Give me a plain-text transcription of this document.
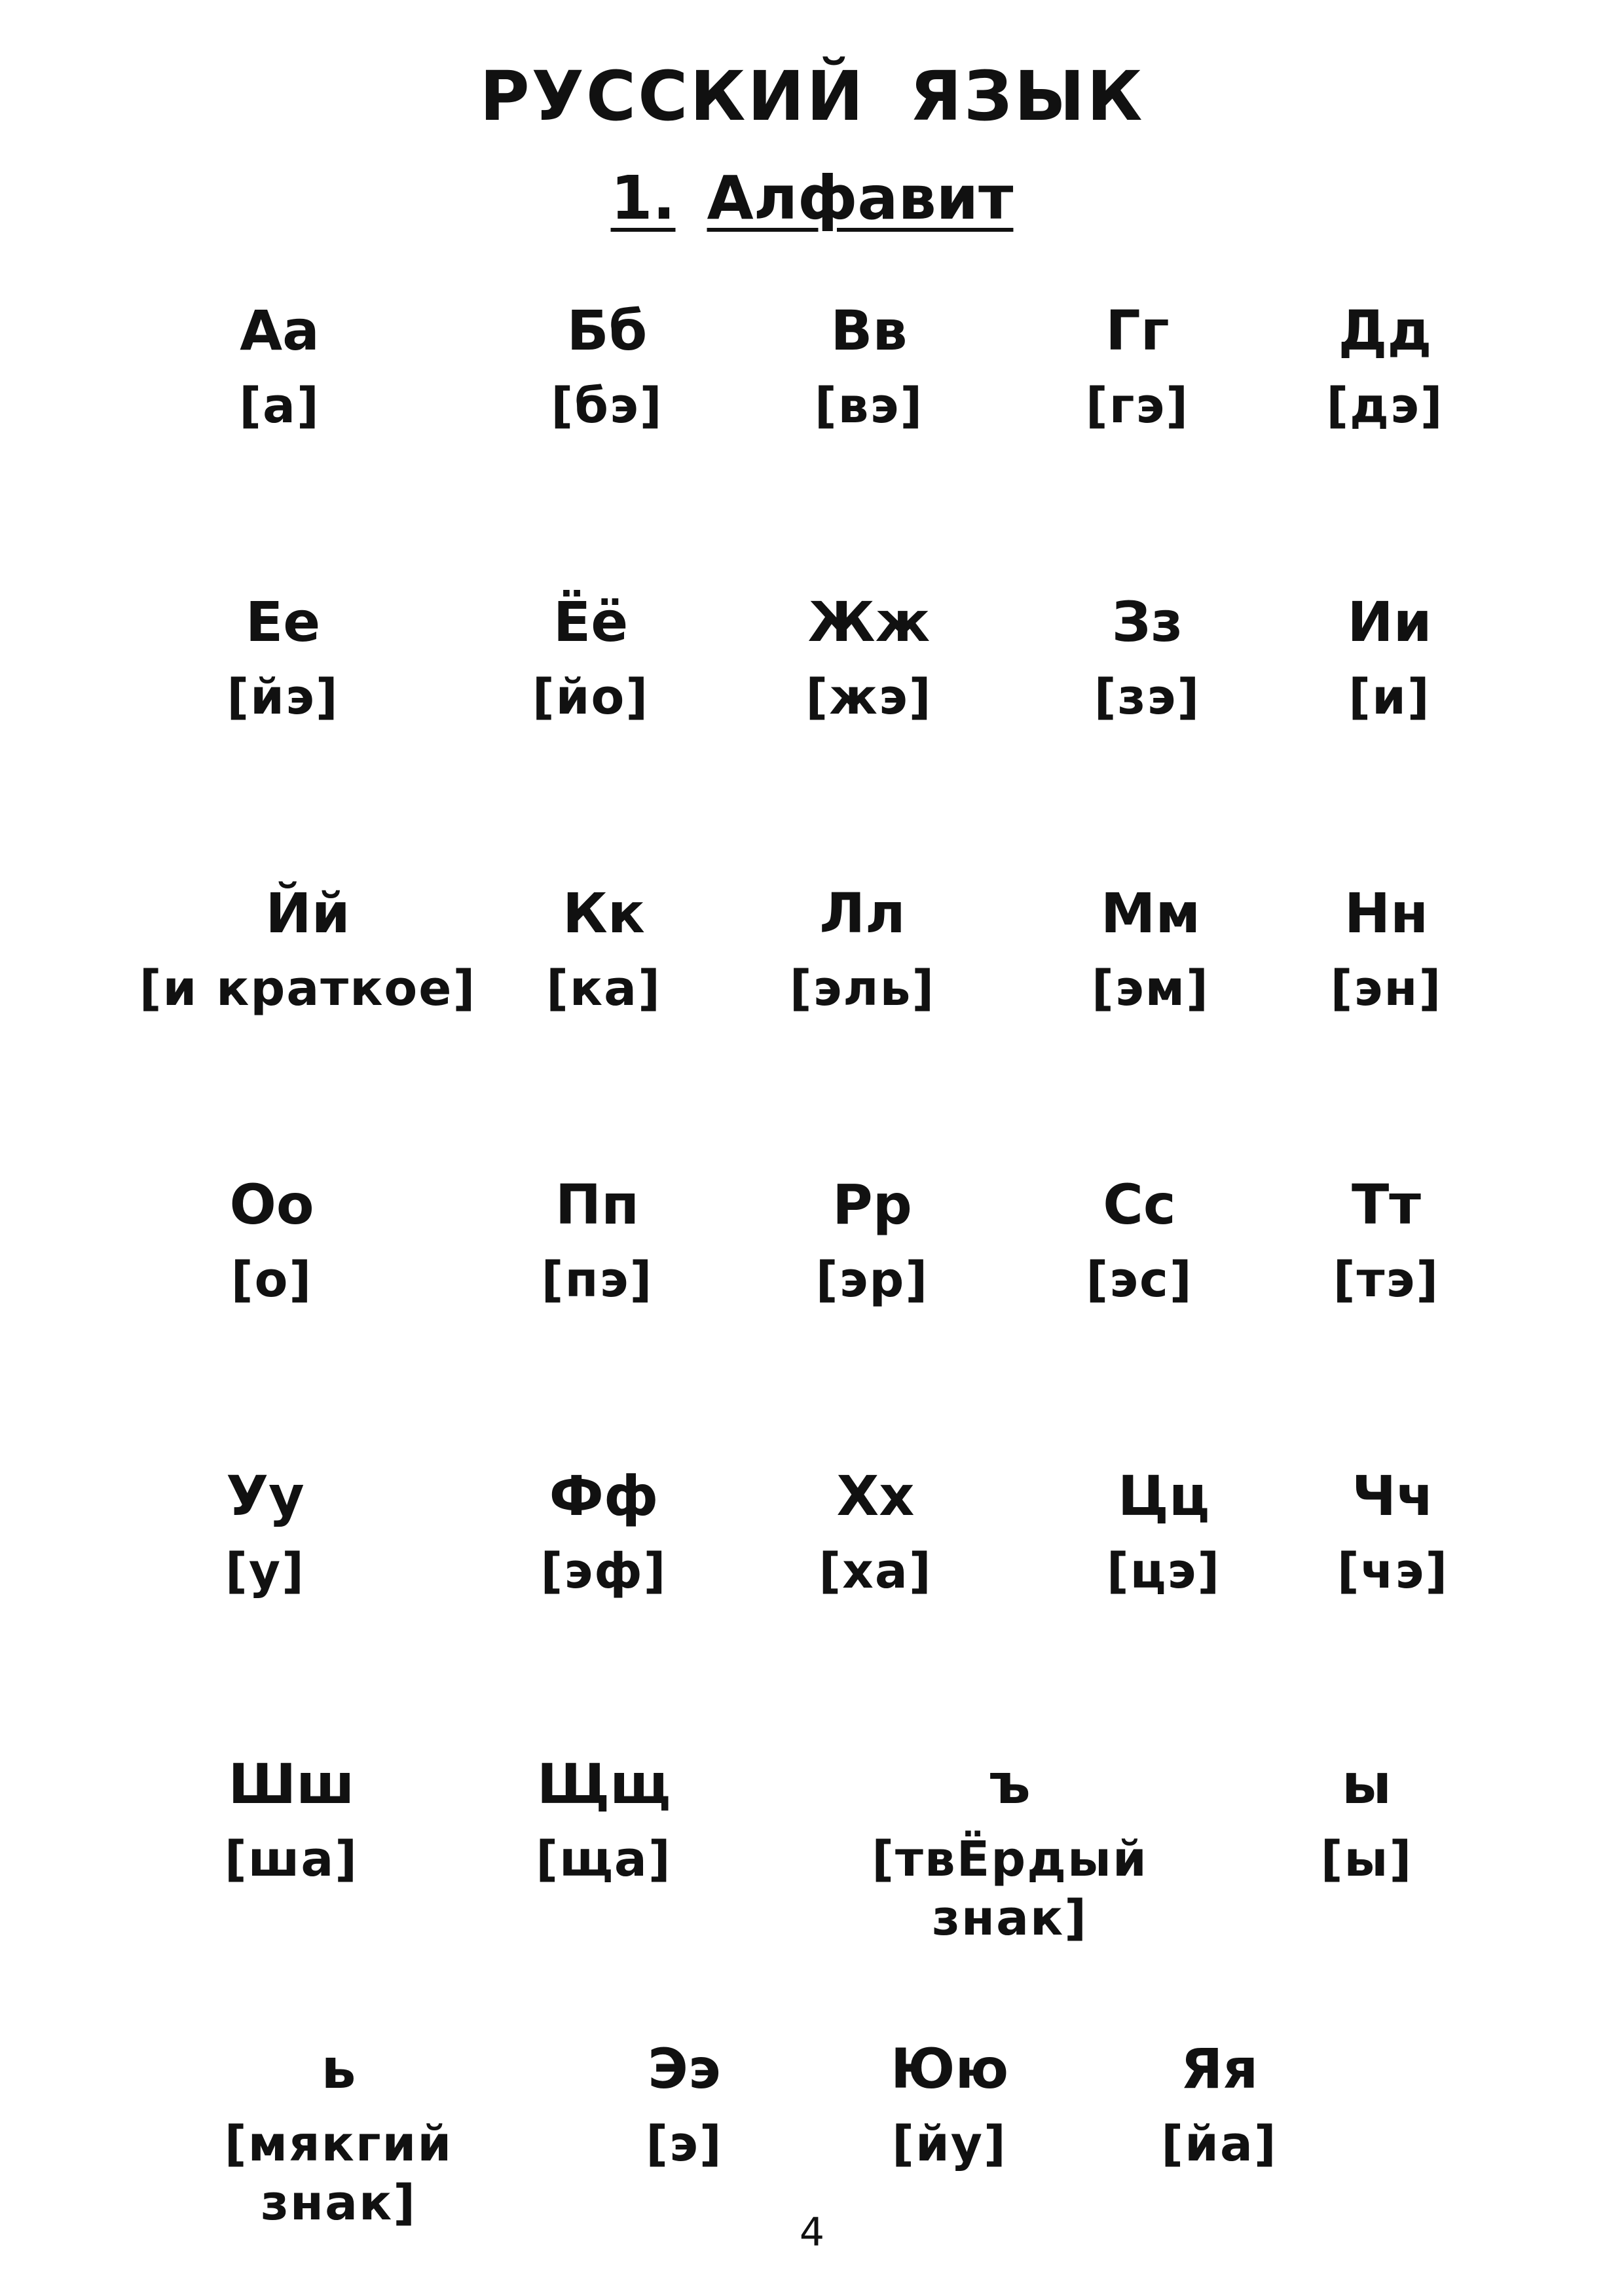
РУССКИЙ ЯЗЫК
1. Алфавит
Аа
[а]
Бб
[бэ]
Вв
[вэ]
Гг
[гэ]
Дд
[дэ]
Ее
[йэ]
Ёё
[йо]
Жж
[жэ]
Зз
[зэ]
Ии
[и]
Йй
[и краткое]
Кк
[ка]
Лл
[эль]
Мм
[эм]
Нн
[эн]
Оо
[о]
Пп
[пэ]
Рр
[эр]
Сс
[эс]
Тт
[тэ]
Уу
[у]
Фф
[эф]
Хх
[ха]
Цц
[цэ]
Чч
[чэ]
Шш
[ша]
Щщ
[ща]
ъ
[твЁрдый знак]
ы
[ы]
ь
[мякгий знак]
Ээ
[э]
Юю
[йу]
Яя
[йа]
4
